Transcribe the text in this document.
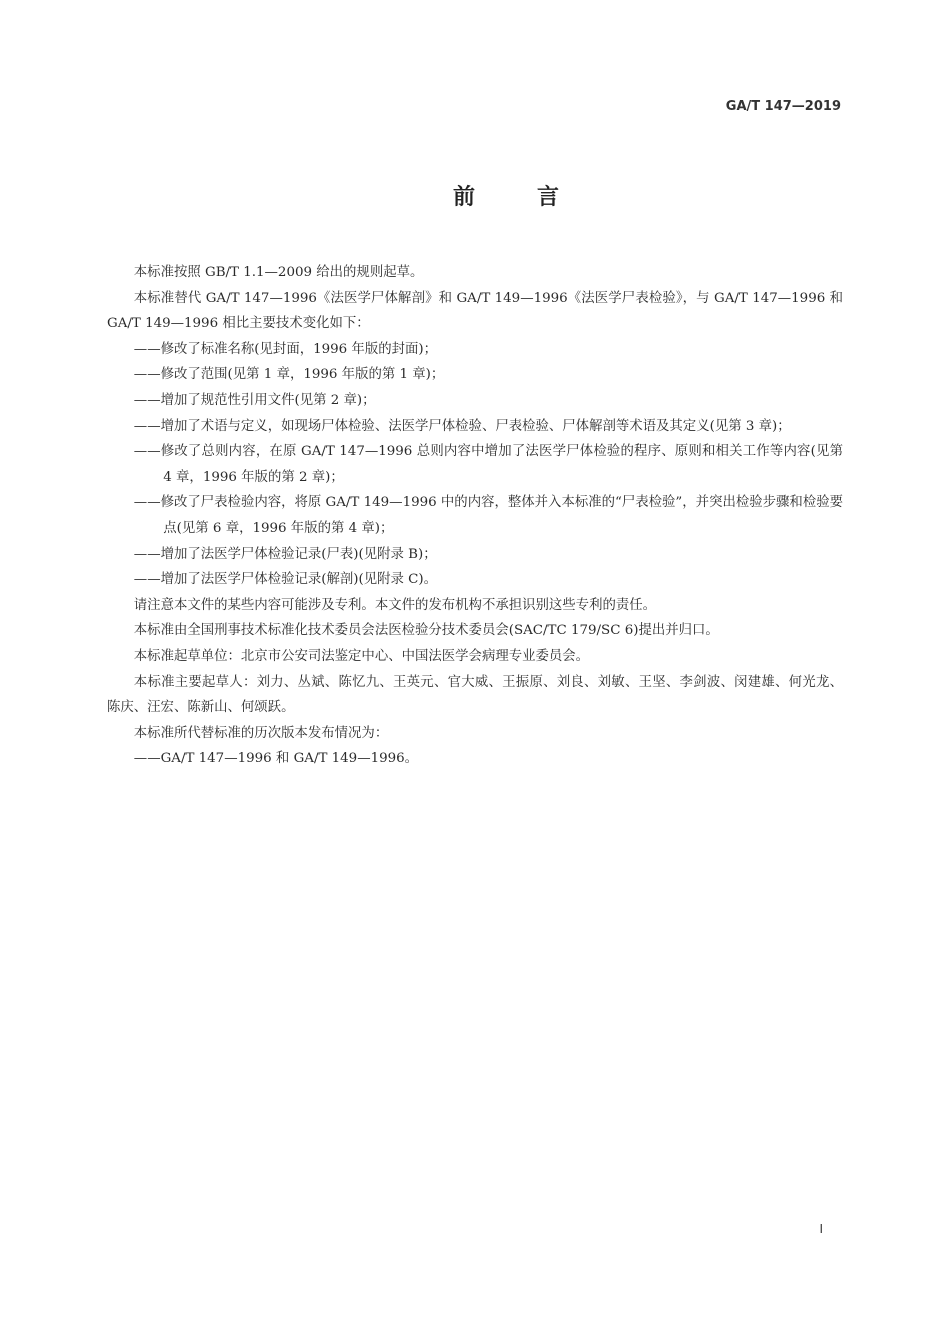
GA/T 147—2019
前言

本标准按照 GB/T 1.1—2009 给出的规则起草。

本标准替代 GA/T 147—1996《法医学尸体解剖》和 GA/T 149—1996《法医学尸表检验》，与 GA/T 147—1996 和 GA/T 149—1996 相比主要技术变化如下：

——修改了标准名称(见封面，1996 年版的封面)；

——修改了范围(见第 1 章，1996 年版的第 1 章)；

——增加了规范性引用文件(见第 2 章)；

——增加了术语与定义，如现场尸体检验、法医学尸体检验、尸表检验、尸体解剖等术语及其定义(见第 3 章)；

——修改了总则内容，在原 GA/T 147—1996 总则内容中增加了法医学尸体检验的程序、原则和相关工作等内容(见第 4 章，1996 年版的第 2 章)；

——修改了尸表检验内容，将原 GA/T 149—1996 中的内容，整体并入本标准的“尸表检验”，并突出检验步骤和检验要点(见第 6 章，1996 年版的第 4 章)；

——增加了法医学尸体检验记录(尸表)(见附录 B)；

——增加了法医学尸体检验记录(解剖)(见附录 C)。

请注意本文件的某些内容可能涉及专利。本文件的发布机构不承担识别这些专利的责任。

本标准由全国刑事技术标准化技术委员会法医检验分技术委员会(SAC/TC 179/SC 6)提出并归口。

本标准起草单位：北京市公安司法鉴定中心、中国法医学会病理专业委员会。

本标准主要起草人：刘力、丛斌、陈忆九、王英元、官大威、王振原、刘良、刘敏、王坚、李剑波、闵建雄、何光龙、陈庆、汪宏、陈新山、何颂跃。

本标准所代替标准的历次版本发布情况为：

——GA/T 147—1996 和 GA/T 149—1996。

I
